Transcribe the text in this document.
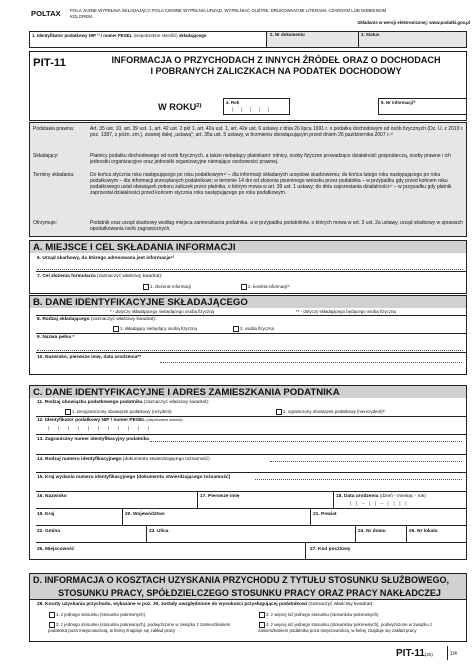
POLTAX POLA JASNE WYPEŁNIA SKŁADAJĄCY, POLA CIEMNE WYPEŁNIA URZĄD. WYPEŁNIAĆ DUŻYMI, DRUKOWANYMI LITERAMI, CZARNYM LUB NIEBIESKIM KOLOREM.
Składanie w wersji elektronicznej: www.podatki.gov.pl
1. Identyfikator podatkowy NIP ¹⁾ / numer PESEL (niepotrzebne skreślić) składającego	2. Nr dokumentu	3. Status
PIT-11	INFORMACJA O PRZYCHODACH Z INNYCH ŹRÓDEŁ ORAZ O DOCHODACH
I POBRANYCH ZALICZKACH NA PODATEK DOCHODOWY
W ROKU²⁾	4. Rok
⌊⌊⌊⌊⌊
5. Nr informacji³⁾
Podstawa prawna:	Art. 35 ust. 10, art. 39 ust. 1, art. 42 ust. 2 pkt 1, art. 42a ust. 1, art. 42e ust. 6 ustawy z dnia 26 lipca 1991 r. o podatku dochodowym od osób fizycznych (Dz. U. z 2019 r. poz. 1387, z późn. zm.), zwanej dalej „ustawą”; art. 35a ust. 5 ustawy, w brzmieniu obowiązującym przed dniem 26 października 2007 r.⁴⁾
Składający:	Płatnicy podatku dochodowego od osób fizycznych, a także niebędący płatnikami: rolnicy, osoby fizyczne prowadzące działalność gospodarczą, osoby prawne i ich jednostki organizacyjne oraz jednostki organizacyjne niemające osobowości prawnej.
Terminy składania:	Do końca stycznia roku następującego po roku podatkowym⁴⁾ – dla informacji składanych urzędowi skarbowemu; do końca lutego roku następującego po roku podatkowym – dla informacji przesyłanych podatnikowi; w terminie 14 dni od złożenia pisemnego wniosku przez podatnika – w przypadku gdy przed końcem roku podatkowego ustał obowiązek poboru zaliczek przez płatnika, o którym mowa w art. 39 ust. 1 ustawy; do dnia zaprzestania działalności⁴⁾ – w przypadku gdy płatnik zaprzestał działalności przed końcem stycznia roku następującego po roku podatkowym.
Otrzymuje:	Podatnik oraz urząd skarbowy według miejsca zamieszkania podatnika, a w przypadku podatników, o których mowa w art. 3 ust. 2a ustawy, urząd skarbowy w sprawach opodatkowania osób zagranicznych.
A. MIEJSCE I CEL SKŁADANIA INFORMACJI
6. Urząd skarbowy, do którego adresowana jest informacja⁵⁾
7. Cel złożenia formularza (zaznaczyć właściwy kwadrat):
1. złożenie informacji	2. korekta informacji⁶⁾
B. DANE IDENTYFIKACYJNE SKŁADAJĄCEGO
* - dotyczy składającego niebędącego osobą fizyczną	** - dotyczy składającego będącego osobą fizyczną
8. Rodzaj składającego (zaznaczyć właściwy kwadrat):
1. składający niebędący osobą fizyczną	2. osoba fizyczna
9. Nazwa pełna *
10. Nazwisko, pierwsze imię, data urodzenia**
C. DANE IDENTYFIKACYJNE I ADRES ZAMIESZKANIA PODATNIKA
11. Rodzaj obowiązku podatkowego podatnika (zaznaczyć właściwy kwadrat):
1. nieograniczony obowiązek podatkowy (rezydent)	2. ograniczony obowiązek podatkowy (nierezydent)⁸⁾
12. Identyfikator podatkowy NIP / numer PESEL (niepotrzebne skreślić)
⌊⌊⌊⌊⌊⌊⌊⌊⌊⌊⌊
13. Zagraniczny numer identyfikacyjny podatnika
14. Rodzaj numeru identyfikacyjnego (dokumentu stwierdzającego tożsamość)
15. Kraj wydania numeru identyfikacyjnego (dokumentu stwierdzającego tożsamość)
16. Nazwisko	17. Pierwsze imię	18. Data urodzenia (dzień - miesiąc - rok)
⌊⌊–⌊⌊–⌊⌊⌊⌊
19. Kraj	20. Województwo	21. Powiat
22. Gmina	23. Ulica	24. Nr domu	25. Nr lokalu
26. Miejscowość	27. Kod pocztowy
D. INFORMACJA O KOSZTACH UZYSKANIA PRZYCHODU Z TYTUŁU STOSUNKU SŁUŻBOWEGO,
STOSUNKU PRACY, SPÓŁDZIELCZEGO STOSUNKU PRACY ORAZ PRACY NAKŁADCZEJ
28. Koszty uzyskania przychodu, wykazane w poz. 30, zostały uwzględnione do wysokości przysługującej podatnikowi (zaznaczyć właściwy kwadrat):
1. z jednego stosunku (stosunku pokrewnych)	2. z więcej niż jednego stosunku (stosunków pokrewnych)
3. z jednego stosunku (stosunku pokrewnych), podwyższone w związku z zamieszkaniem podatnika poza miejscowością, w której znajduje się zakład pracy
4. z więcej niż jednego stosunku (stosunków pokrewnych), podwyższone w związku z zamieszkaniem podatnika poza miejscowością, w której znajduje się zakład pracy
PIT-11(25)	1/4
